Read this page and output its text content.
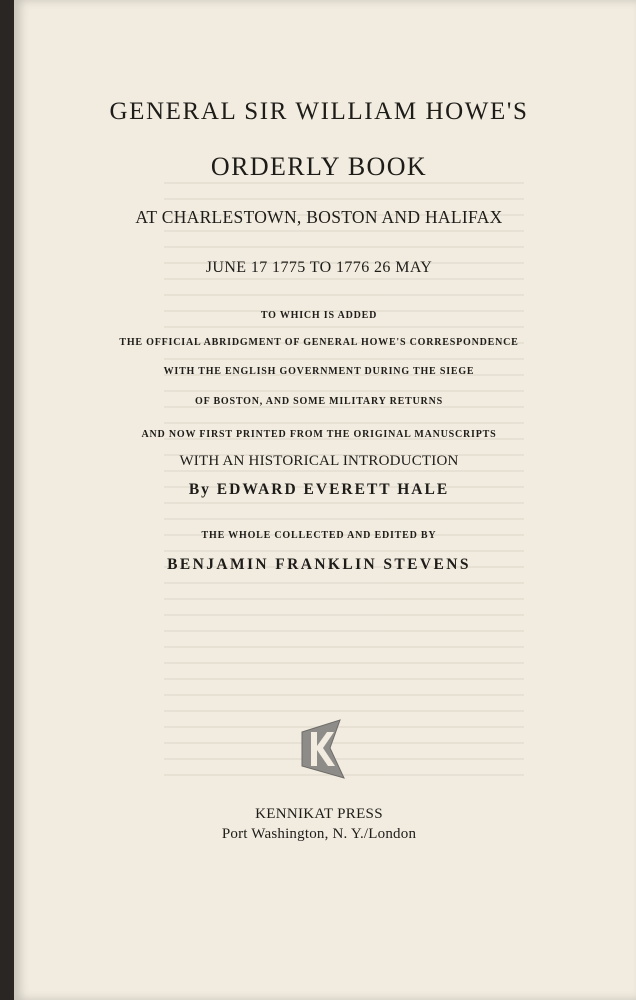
GENERAL SIR WILLIAM HOWE'S
ORDERLY BOOK
AT CHARLESTOWN, BOSTON AND HALIFAX
JUNE 17 1775 TO 1776 26 MAY
TO WHICH IS ADDED
THE OFFICIAL ABRIDGMENT OF GENERAL HOWE'S CORRESPONDENCE
WITH THE ENGLISH GOVERNMENT DURING THE SIEGE
OF BOSTON, AND SOME MILITARY RETURNS
AND NOW FIRST PRINTED FROM THE ORIGINAL MANUSCRIPTS
WITH AN HISTORICAL INTRODUCTION
By EDWARD EVERETT HALE
THE WHOLE COLLECTED AND EDITED BY
BENJAMIN FRANKLIN STEVENS
KENNIKAT PRESS
Port Washington, N. Y./London
